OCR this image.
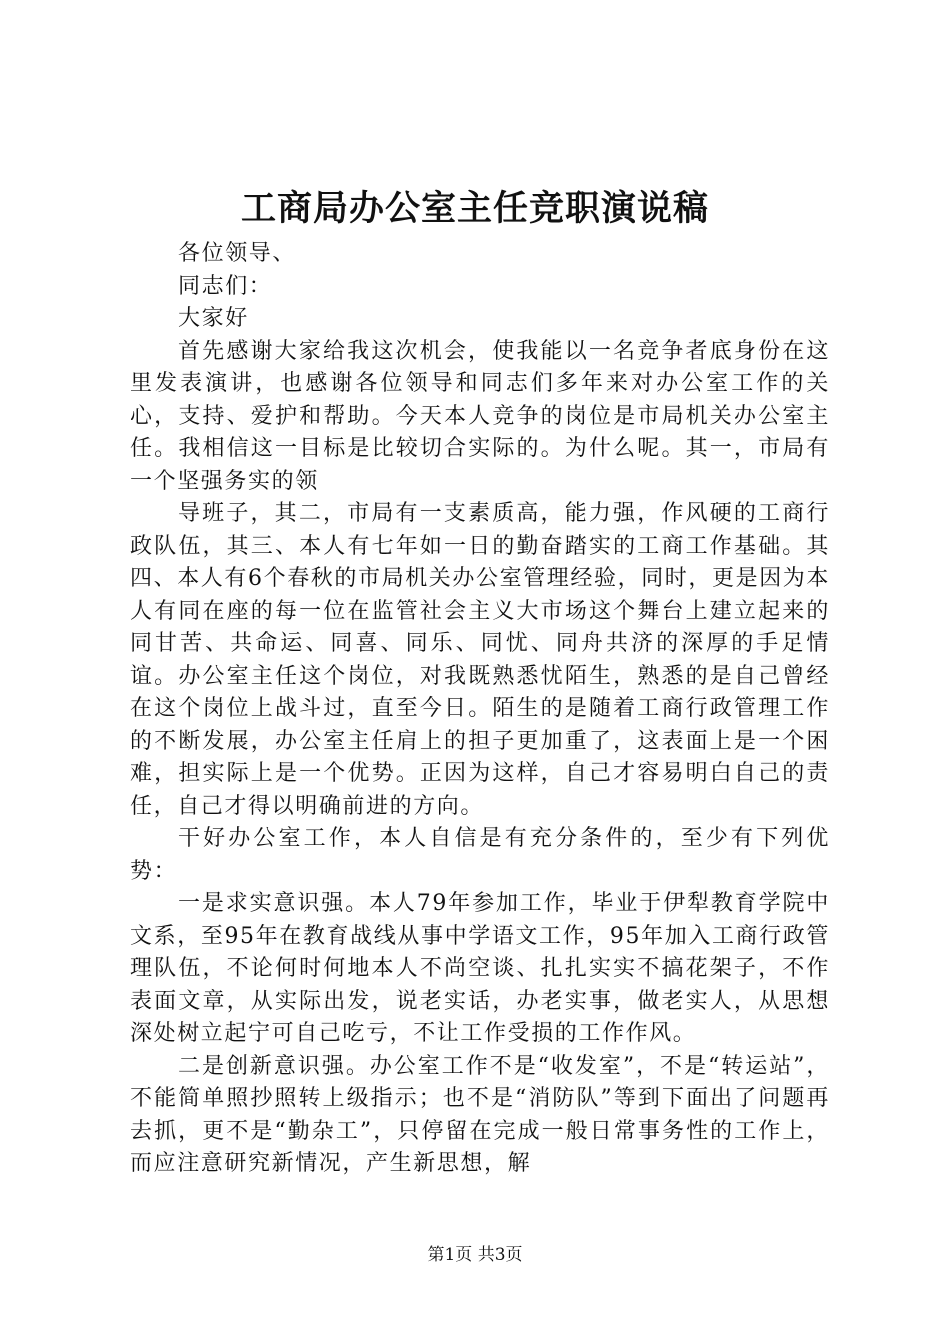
工商局办公室主任竞职演说稿

各位领导、

同志们：

大家好

首先感谢大家给我这次机会，使我能以一名竞争者底身份在这里发表演讲，也感谢各位领导和同志们多年来对办公室工作的关心，支持、爱护和帮助。今天本人竞争的岗位是市局机关办公室主任。我相信这一目标是比较切合实际的。为什么呢。其一，市局有一个坚强务实的领

导班子，其二，市局有一支素质高，能力强，作风硬的工商行政队伍，其三、本人有七年如一日的勤奋踏实的工商工作基础。其四、本人有6个春秋的市局机关办公室管理经验，同时，更是因为本人有同在座的每一位在监管社会主义大市场这个舞台上建立起来的同甘苦、共命运、同喜、同乐、同忧、同舟共济的深厚的手足情谊。办公室主任这个岗位，对我既熟悉忧陌生，熟悉的是自己曾经在这个岗位上战斗过，直至今日。陌生的是随着工商行政管理工作的不断发展，办公室主任肩上的担子更加重了，这表面上是一个困难，担实际上是一个优势。正因为这样，自己才容易明白自己的责任，自己才得以明确前进的方向。

干好办公室工作，本人自信是有充分条件的，至少有下列优势：

一是求实意识强。本人79年参加工作，毕业于伊犁教育学院中文系，至95年在教育战线从事中学语文工作，95年加入工商行政管理队伍，不论何时何地本人不尚空谈、扎扎实实不搞花架子，不作表面文章，从实际出发，说老实话，办老实事，做老实人，从思想深处树立起宁可自己吃亏，不让工作受损的工作作风。

二是创新意识强。办公室工作不是“收发室”，不是“转运站”，不能简单照抄照转上级指示；也不是“消防队”等到下面出了问题再去抓，更不是“勤杂工”，只停留在完成一般日常事务性的工作上，而应注意研究新情况，产生新思想，解

第1页 共3页
